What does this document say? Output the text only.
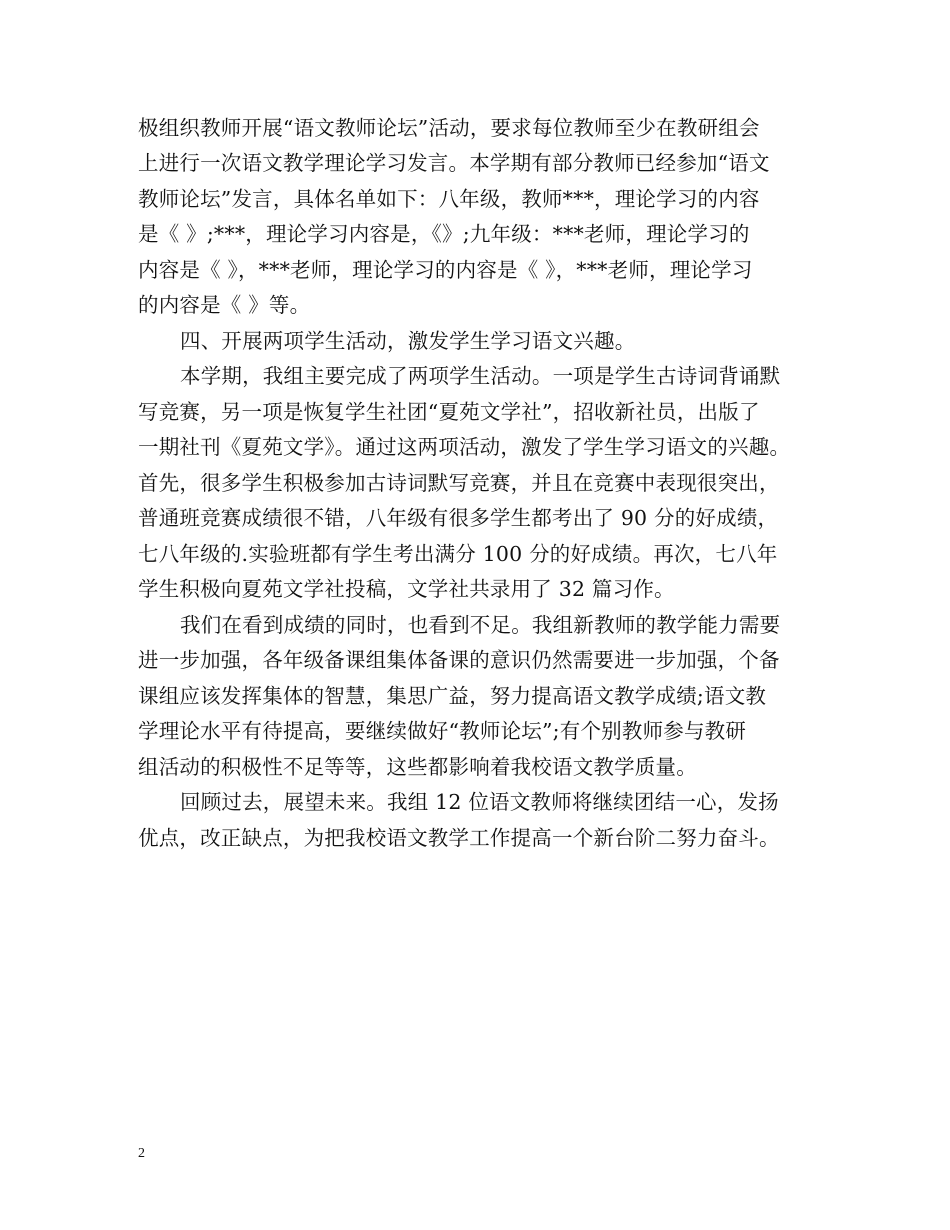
极组织教师开展“语文教师论坛”活动，要求每位教师至少在教研组会
上进行一次语文教学理论学习发言。本学期有部分教师已经参加“语文
教师论坛”发言，具体名单如下：八年级，教师***，理论学习的内容
是《 》;***，理论学习内容是，《》;九年级：***老师，理论学习的
内容是《 》，***老师，理论学习的内容是《 》，***老师，理论学习
的内容是《 》等。
四、开展两项学生活动，激发学生学习语文兴趣。
本学期，我组主要完成了两项学生活动。一项是学生古诗词背诵默
写竞赛，另一项是恢复学生社团“夏苑文学社”，招收新社员，出版了
一期社刊《夏苑文学》。通过这两项活动，激发了学生学习语文的兴趣。
首先，很多学生积极参加古诗词默写竞赛，并且在竞赛中表现很突出，
普通班竞赛成绩很不错，八年级有很多学生都考出了 90 分的好成绩，
七八年级的.实验班都有学生考出满分 100 分的好成绩。再次，七八年
学生积极向夏苑文学社投稿，文学社共录用了 32 篇习作。
我们在看到成绩的同时，也看到不足。我组新教师的教学能力需要
进一步加强，各年级备课组集体备课的意识仍然需要进一步加强，个备
课组应该发挥集体的智慧，集思广益，努力提高语文教学成绩;语文教
学理论水平有待提高，要继续做好“教师论坛”;有个别教师参与教研
组活动的积极性不足等等，这些都影响着我校语文教学质量。
回顾过去，展望未来。我组 12 位语文教师将继续团结一心，发扬
优点，改正缺点，为把我校语文教学工作提高一个新台阶二努力奋斗。
2
